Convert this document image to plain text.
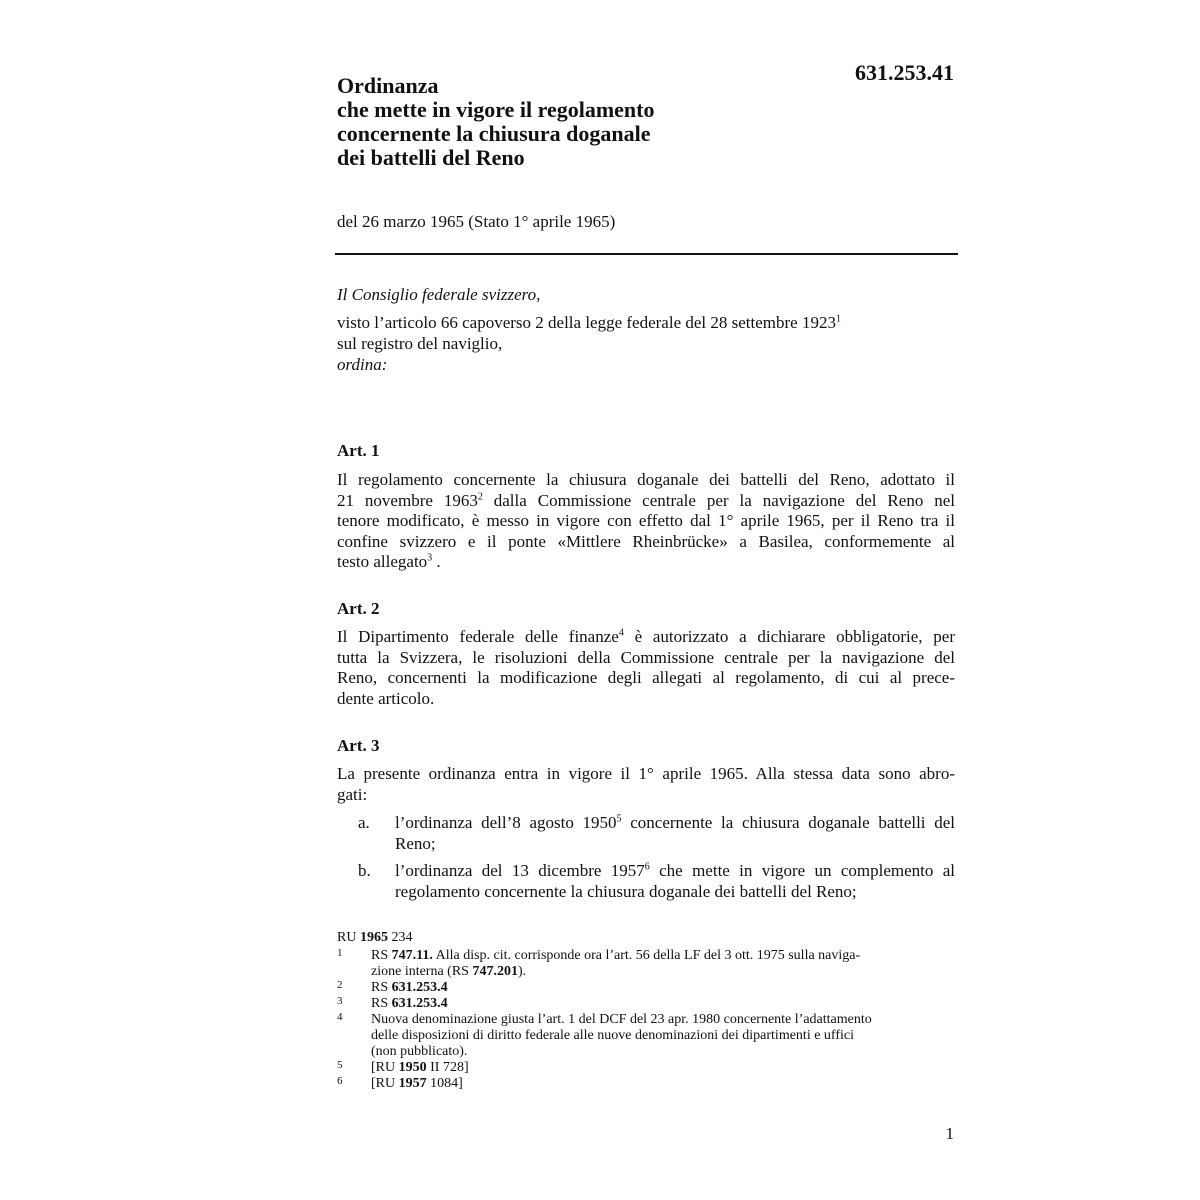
631.253.41
Ordinanza
che mette in vigore il regolamento
concernente la chiusura doganale
dei battelli del Reno
del 26 marzo 1965 (Stato 1° aprile 1965)

Il Consiglio federale svizzero,

visto l’articolo 66 capoverso 2 della legge federale del 28 settembre 1923$^1$

sul registro del naviglio,

ordina:

Art. 1
Il regolamento concernente la chiusura doganale dei battelli del Reno, adottato il
21 novembre 1963$^2$ dalla Commissione centrale per la navigazione del Reno nel
tenore modificato, è messo in vigore con effetto dal 1° aprile 1965, per il Reno tra il
confine svizzero e il ponte «Mittlere Rheinbrücke» a Basilea, conformemente al
testo allegato$^3$ .
Art. 2
Il Dipartimento federale delle finanze$^4$ è autorizzato a dichiarare obbligatorie, per
tutta la Svizzera, le risoluzioni della Commissione centrale per la navigazione del
Reno, concernenti la modificazione degli allegati al regolamento, di cui al prece-
dente articolo.
Art. 3
La presente ordinanza entra in vigore il 1° aprile 1965. Alla stessa data sono abro-
gati:
a.	l’ordinanza dell’8 agosto 1950$^5$ concernente la chiusura doganale battelli del
Reno;
b.	l’ordinanza del 13 dicembre 1957$^6$ che mette in vigore un complemento al
regolamento concernente la chiusura doganale dei battelli del Reno;
RU 1965 234
1 RS 747.11. Alla disp. cit. corrisponde ora l’art. 56 della LF del 3 ott. 1975 sulla naviga-
zione interna (RS 747.201).
2 RS 631.253.4
3 RS 631.253.4
4 Nuova denominazione giusta l’art. 1 del DCF del 23 apr. 1980 concernente l’adattamento
delle disposizioni di diritto federale alle nuove denominazioni dei dipartimenti e uffici
(non pubblicato).
5 [RU 1950 II 728]
6 [RU 1957 1084]
1
